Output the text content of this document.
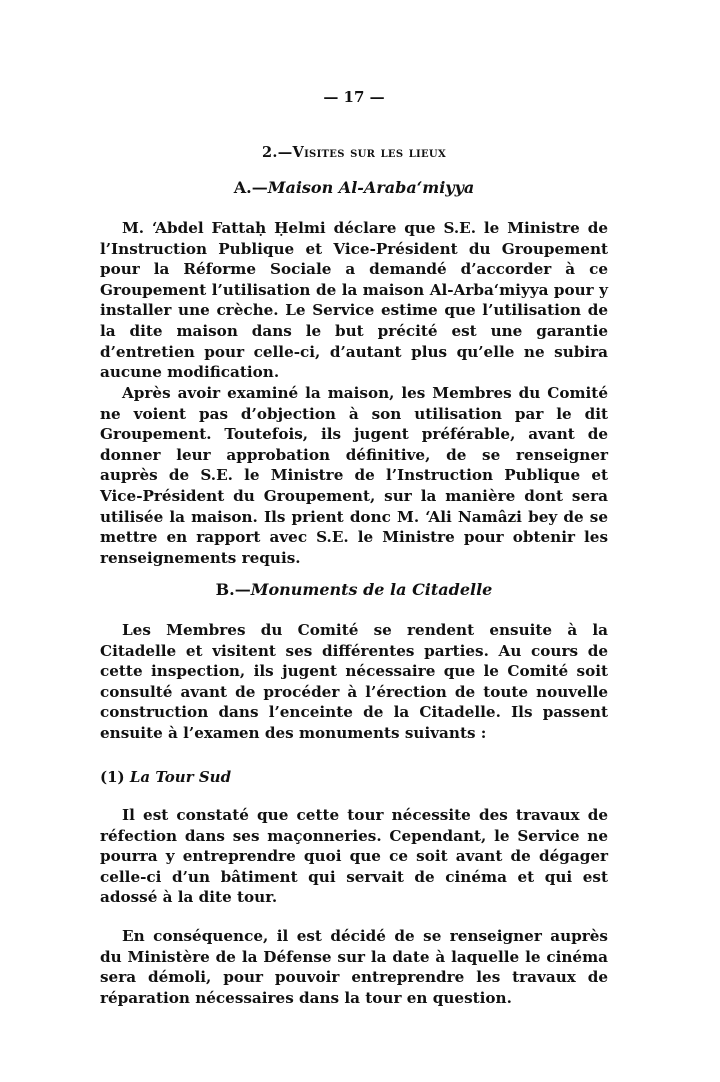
— 17 —
2.—Visites sur les lieux
A.—Maison Al-Araba‘miyya

M. ‘Abdel Fattaḥ Ḥelmi déclare que S.E. le Ministre de l’Instruction Publique et Vice-Président du Groupement pour la Réforme Sociale a demandé d’accorder à ce Groupement l’utilisation de la maison Al-Arba‘miyya pour y installer une crèche. Le Service estime que l’utilisation de la dite maison dans le but précité est une garantie d’entretien pour celle-ci, d’autant plus qu’elle ne subira aucune modification.

Après avoir examiné la maison, les Membres du Comité ne voient pas d’objection à son utilisation par le dit Groupement. Toutefois, ils jugent préférable, avant de donner leur approbation définitive, de se renseigner auprès de S.E. le Ministre de l’Instruction Publique et Vice-Président du Groupement, sur la manière dont sera utilisée la maison. Ils prient donc M. ‘Ali Namâzi bey de se mettre en rapport avec S.E. le Ministre pour obtenir les renseignements requis.

B.—Monuments de la Citadelle

Les Membres du Comité se rendent ensuite à la Citadelle et visitent ses différentes parties. Au cours de cette inspection, ils jugent nécessaire que le Comité soit consulté avant de procéder à l’érection de toute nouvelle construction dans l’enceinte de la Citadelle. Ils passent ensuite à l’examen des monuments suivants :

(1) La Tour Sud

Il est constaté que cette tour nécessite des travaux de réfection dans ses maçonneries. Cependant, le Service ne pourra y entreprendre quoi que ce soit avant de dégager celle-ci d’un bâtiment qui servait de cinéma et qui est adossé à la dite tour.

En conséquence, il est décidé de se renseigner auprès du Ministère de la Défense sur la date à laquelle le cinéma sera démoli, pour pouvoir entreprendre les travaux de réparation nécessaires dans la tour en question.
